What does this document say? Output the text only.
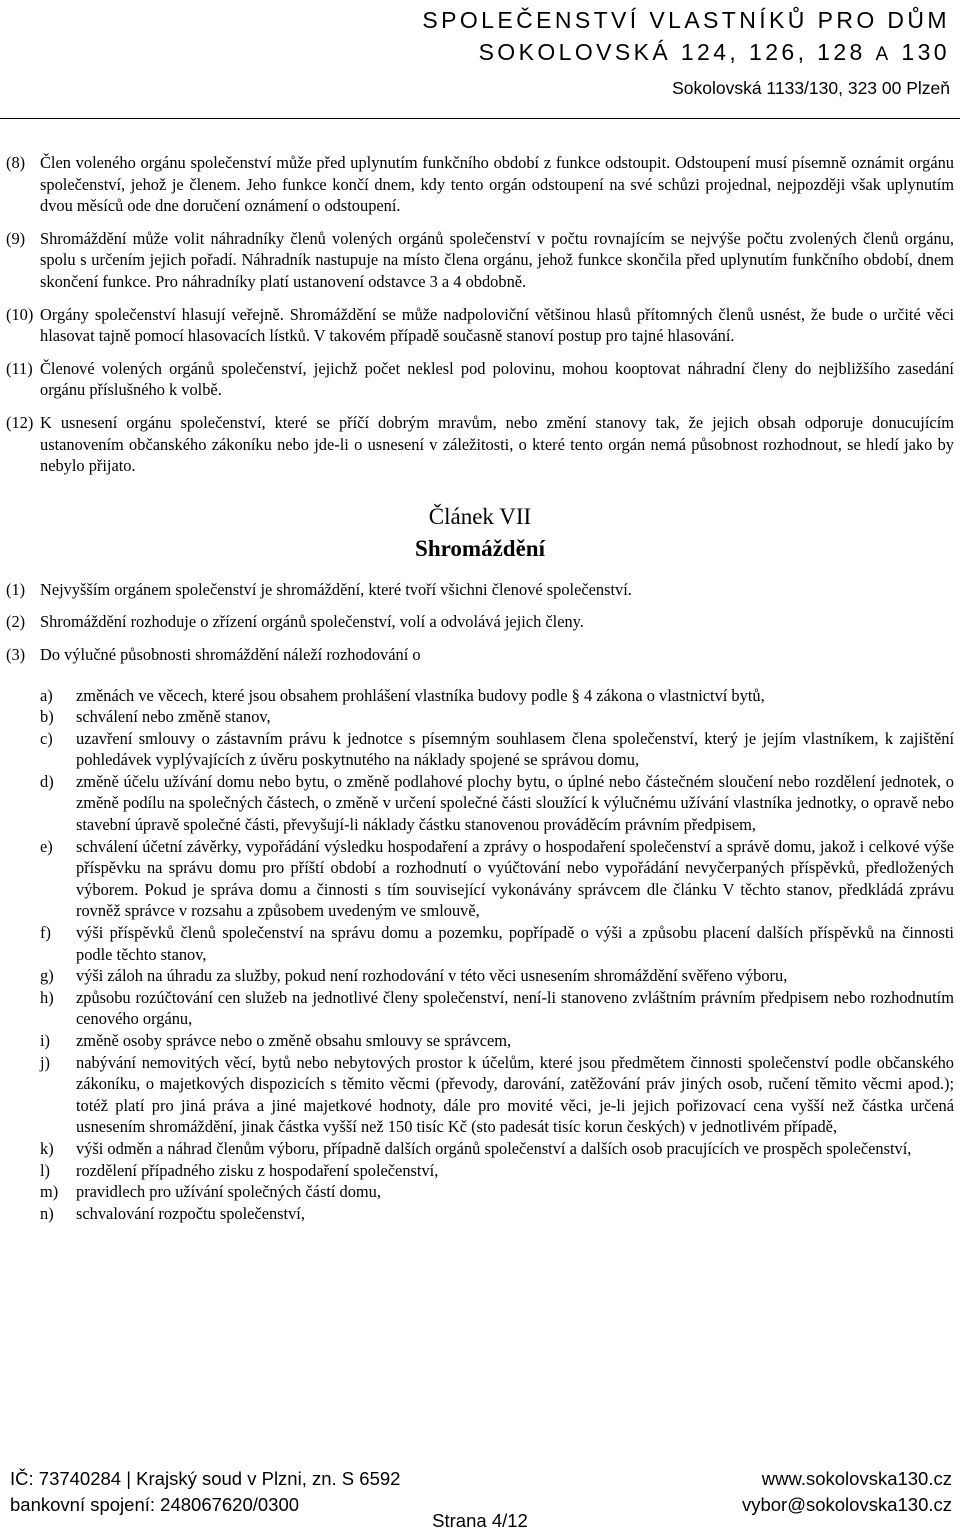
SPOLEČENSTVÍ VLASTNÍKŮ PRO DŮM
SOKOLOVSKÁ 124, 126, 128 A 130
Sokolovská 1133/130, 323 00 Plzeň
(8) Člen voleného orgánu společenství může před uplynutím funkčního období z funkce odstoupit. Odstoupení musí písemně oznámit orgánu společenství, jehož je členem. Jeho funkce končí dnem, kdy tento orgán odstoupení na své schůzi projednal, nejpozději však uplynutím dvou měsíců ode dne doručení oznámení o odstoupení.
(9) Shromáždění může volit náhradníky členů volených orgánů společenství v počtu rovnajícím se nejvýše počtu zvolených členů orgánu, spolu s určením jejich pořadí. Náhradník nastupuje na místo člena orgánu, jehož funkce skončila před uplynutím funkčního období, dnem skončení funkce. Pro náhradníky platí ustanovení odstavce 3 a 4 obdobně.
(10) Orgány společenství hlasují veřejně. Shromáždění se může nadpoloviční většinou hlasů přítomných členů usnést, že bude o určité věci hlasovat tajně pomocí hlasovacích lístků. V takovém případě současně stanoví postup pro tajné hlasování.
(11) Členové volených orgánů společenství, jejichž počet neklesl pod polovinu, mohou kooptovat náhradní členy do nejbližšího zasedání orgánu příslušného k volbě.
(12) K usnesení orgánu společenství, které se příčí dobrým mravům, nebo změní stanovy tak, že jejich obsah odporuje donucujícím ustanovením občanského zákoníku nebo jde-li o usnesení v záležitosti, o které tento orgán nemá působnost rozhodnout, se hledí jako by nebylo přijato.
Článek VII
Shromáždění
(1) Nejvyšším orgánem společenství je shromáždění, které tvoří všichni členové společenství.
(2) Shromáždění rozhoduje o zřízení orgánů společenství, volí a odvolává jejich členy.
(3) Do výlučné působnosti shromáždění náleží rozhodování o
a) změnách ve věcech, které jsou obsahem prohlášení vlastníka budovy podle § 4 zákona o vlastnictví bytů,
b) schválení nebo změně stanov,
c) uzavření smlouvy o zástavním právu k jednotce s písemným souhlasem člena společenství, který je jejím vlastníkem, k zajištění pohledávek vyplývajících z úvěru poskytnutého na náklady spojené se správou domu,
d) změně účelu užívání domu nebo bytu, o změně podlahové plochy bytu, o úplné nebo částečném sloučení nebo rozdělení jednotek, o změně podílu na společných částech, o změně v určení společné části sloužící k výlučnému užívání vlastníka jednotky, o opravě nebo stavební úpravě společné části, převyšují-li náklady částku stanovenou prováděcím právním předpisem,
e) schválení účetní závěrky, vypořádání výsledku hospodaření a zprávy o hospodaření společenství a správě domu, jakož i celkové výše příspěvku na správu domu pro příští období a rozhodnutí o vyúčtování nebo vypořádání nevyčerpaných příspěvků, předložených výborem. Pokud je správa domu a činnosti s tím související vykonávány správcem dle článku V těchto stanov, předkládá zprávu rovněž správce v rozsahu a způsobem uvedeným ve smlouvě,
f) výši příspěvků členů společenství na správu domu a pozemku, popřípadě o výši a způsobu placení dalších příspěvků na činnosti podle těchto stanov,
g) výši záloh na úhradu za služby, pokud není rozhodování v této věci usnesením shromáždění svěřeno výboru,
h) způsobu rozúčtování cen služeb na jednotlivé členy společenství, není-li stanoveno zvláštním právním předpisem nebo rozhodnutím cenového orgánu,
i) změně osoby správce nebo o změně obsahu smlouvy se správcem,
j) nabývání nemovitých věcí, bytů nebo nebytových prostor k účelům, které jsou předmětem činnosti společenství podle občanského zákoníku, o majetkových dispozicích s těmito věcmi (převody, darování, zatěžování práv jiných osob, ručení těmito věcmi apod.); totéž platí pro jiná práva a jiné majetkové hodnoty, dále pro movité věci, je-li jejich pořizovací cena vyšší než částka určená usnesením shromáždění, jinak částka vyšší než 150 tisíc Kč (sto padesát tisíc korun českých) v jednotlivém případě,
k) výši odměn a náhrad členům výboru, případně dalších orgánů společenství a dalších osob pracujících ve prospěch společenství,
l) rozdělení případného zisku z hospodaření společenství,
m) pravidlech pro užívání společných částí domu,
n) schvalování rozpočtu společenství,
IČ: 73740284 | Krajský soud v Plzni, zn. S 6592
bankovní spojení: 248067620/0300
www.sokolovska130.cz
vybor@sokolovska130.cz
Strana 4/12
